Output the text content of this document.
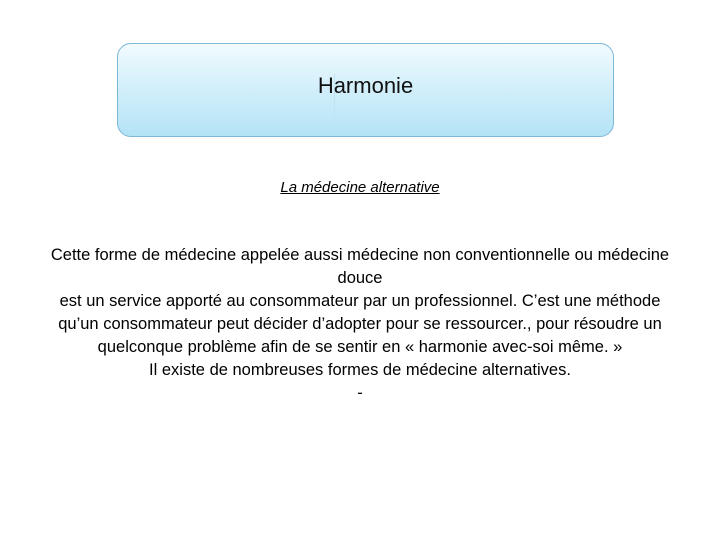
Harmonie
La médecine alternative
Cette forme de médecine appelée aussi médecine non conventionnelle ou médecine
douce
est un service apporté au consommateur par un professionnel. C’est une méthode
qu’un consommateur peut décider d’adopter pour se ressourcer., pour résoudre un
quelconque problème afin de se sentir en « harmonie avec-soi même. »
Il existe de nombreuses formes de médecine alternatives.
-
